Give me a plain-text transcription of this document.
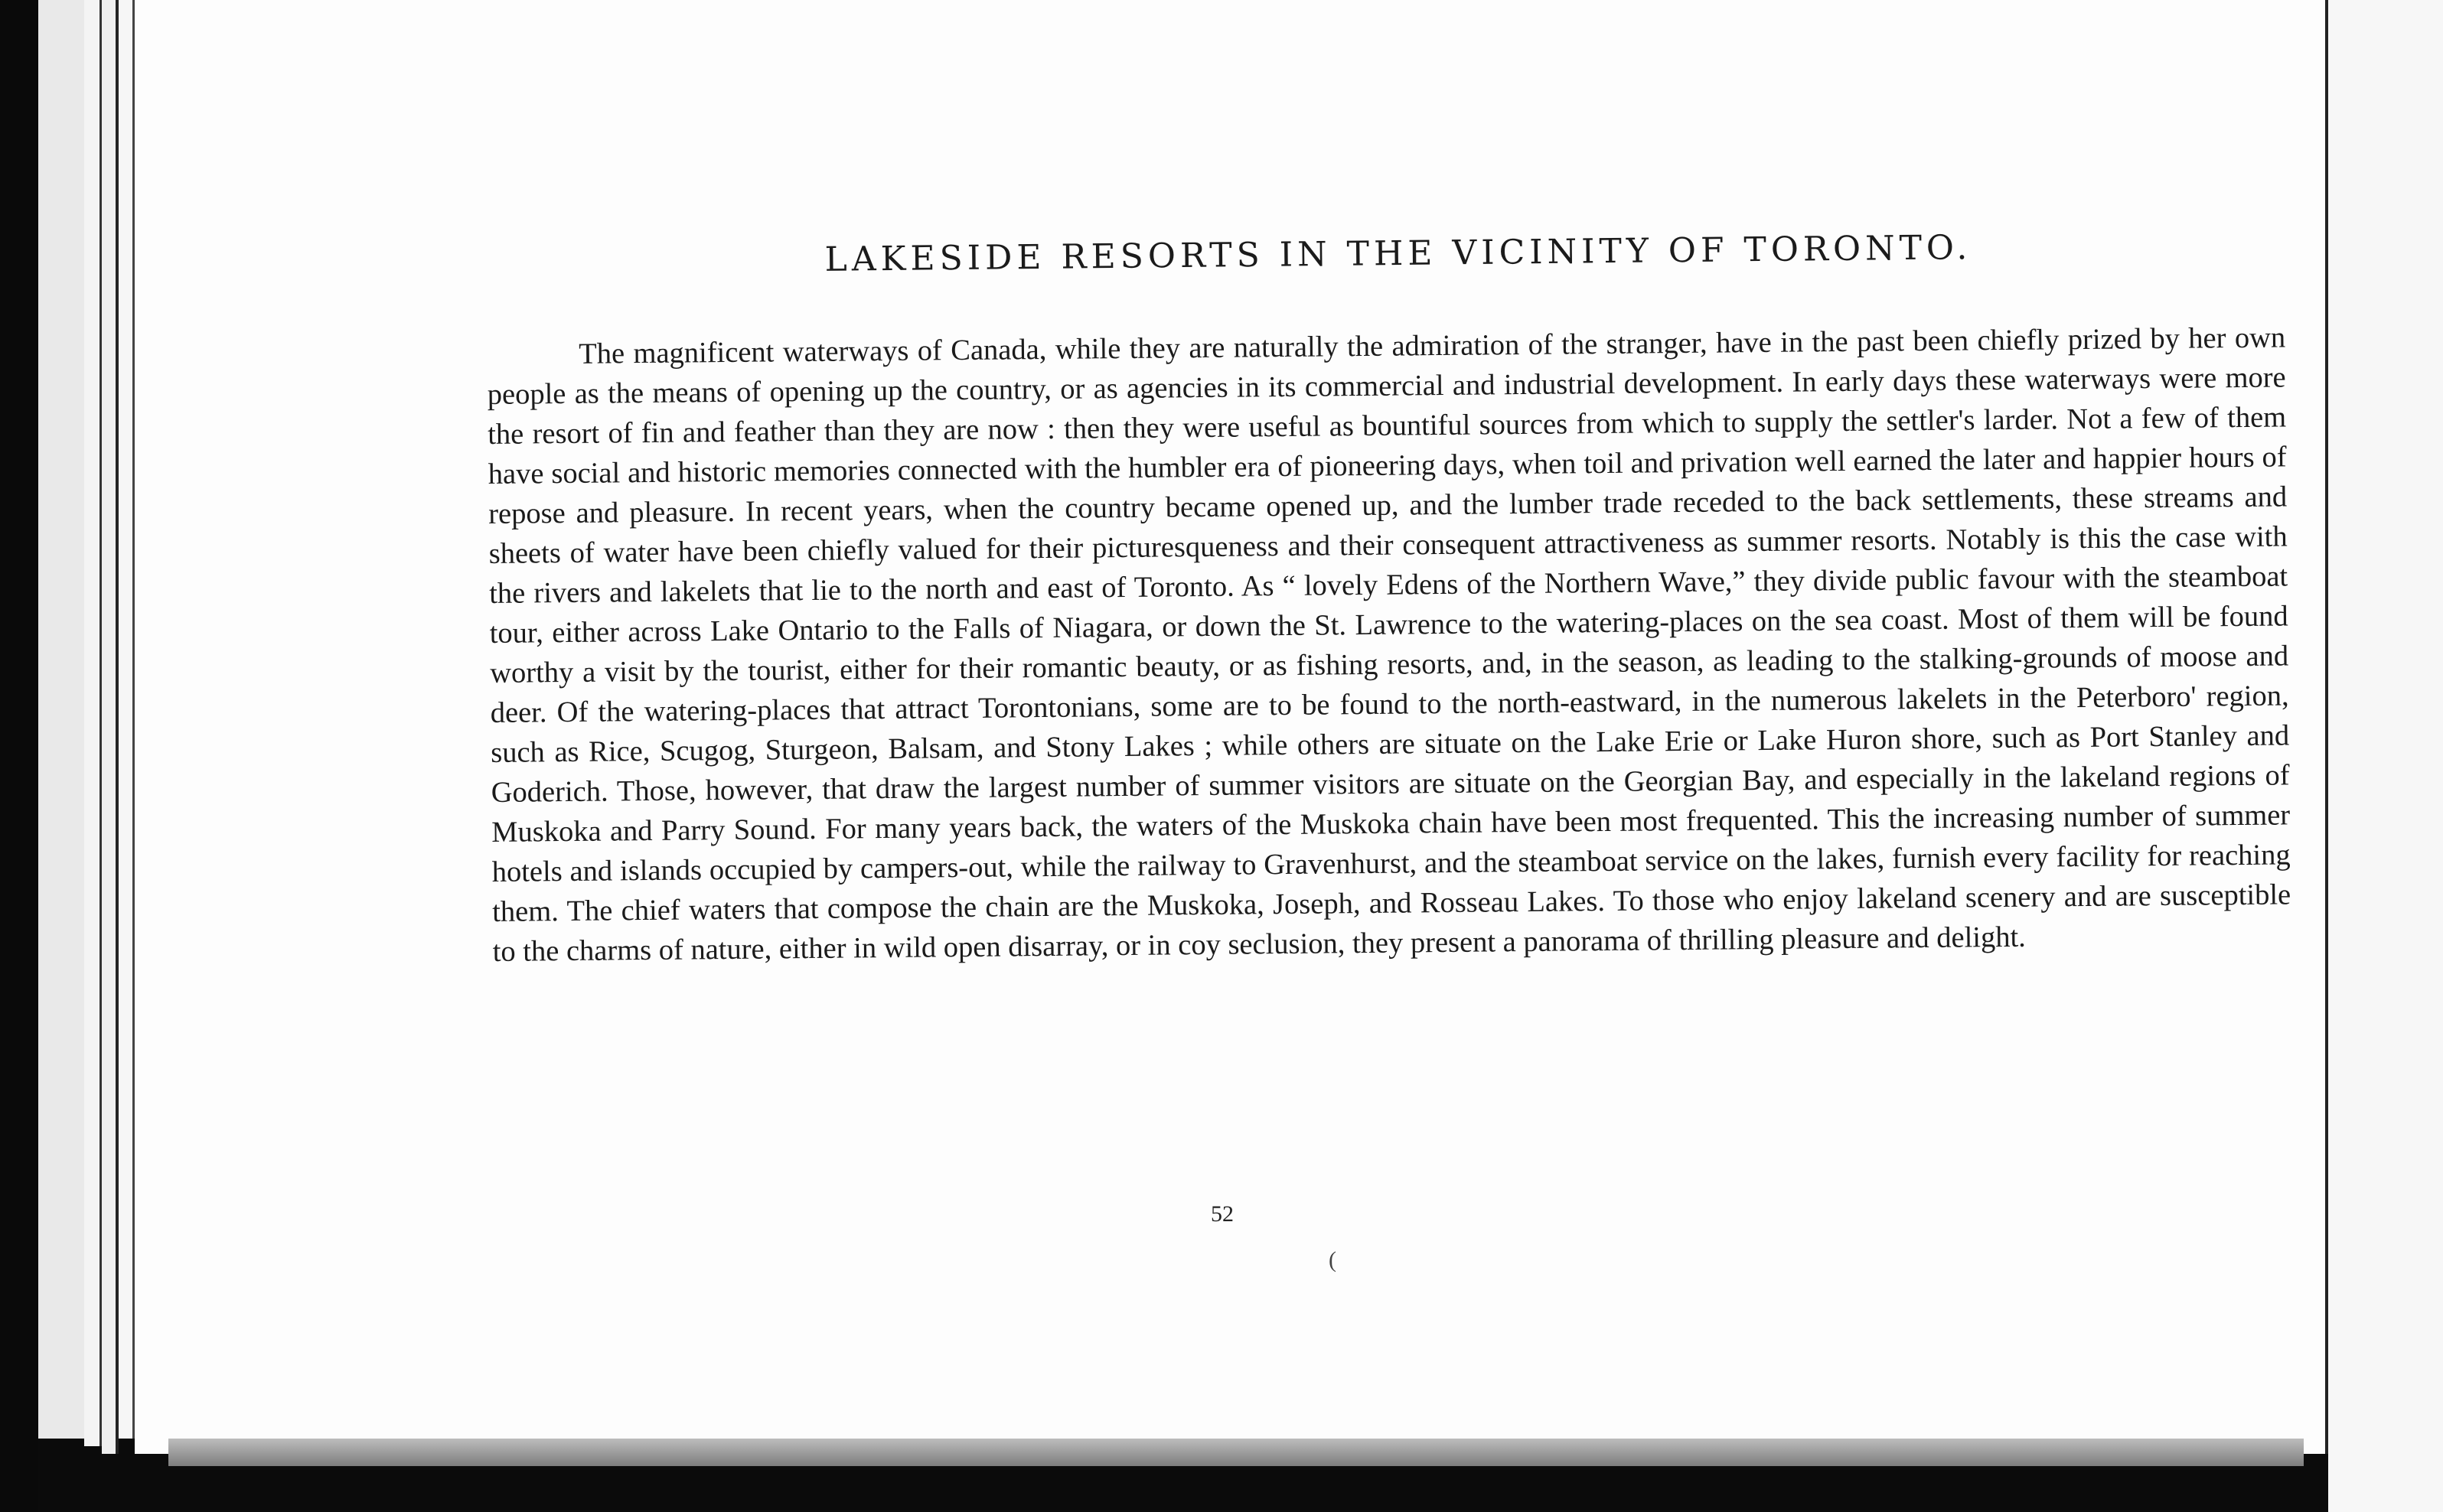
LAKESIDE RESORTS IN THE VICINITY OF TORONTO.
The magnificent waterways of Canada, while they are naturally the admiration of the stranger, have in the past been chiefly prized by her own people as the means of opening up the country, or as agencies in its commercial and industrial development. In early days these waterways were more the resort of fin and feather than they are now : then they were useful as bountiful sources from which to supply the settler's larder. Not a few of them have social and historic memories connected with the humbler era of pioneering days, when toil and privation well earned the later and happier hours of repose and pleasure. In recent years, when the country became opened up, and the lumber trade receded to the back settlements, these streams and sheets of water have been chiefly valued for their picturesqueness and their consequent attractiveness as summer resorts. Notably is this the case with the rivers and lakelets that lie to the north and east of Toronto. As “ lovely Edens of the Northern Wave,” they divide public favour with the steamboat tour, either across Lake Ontario to the Falls of Niagara, or down the St. Lawrence to the watering-places on the sea coast. Most of them will be found worthy a visit by the tourist, either for their romantic beauty, or as fishing resorts, and, in the season, as leading to the stalking-grounds of moose and deer. Of the watering-places that attract Torontonians, some are to be found to the north-eastward, in the numerous lakelets in the Peterboro' region, such as Rice, Scugog, Sturgeon, Balsam, and Stony Lakes ; while others are situate on the Lake Erie or Lake Huron shore, such as Port Stanley and Goderich. Those, however, that draw the largest number of summer visitors are situate on the Georgian Bay, and especially in the lakeland regions of Muskoka and Parry Sound. For many years back, the waters of the Muskoka chain have been most frequented. This the increasing number of summer hotels and islands occupied by campers-out, while the railway to Gravenhurst, and the steamboat service on the lakes, furnish every facility for reaching them. The chief waters that compose the chain are the Muskoka, Joseph, and Rosseau Lakes. To those who enjoy lakeland scenery and are susceptible to the charms of nature, either in wild open disarray, or in coy seclusion, they present a panorama of thrilling pleasure and delight.
52
(
